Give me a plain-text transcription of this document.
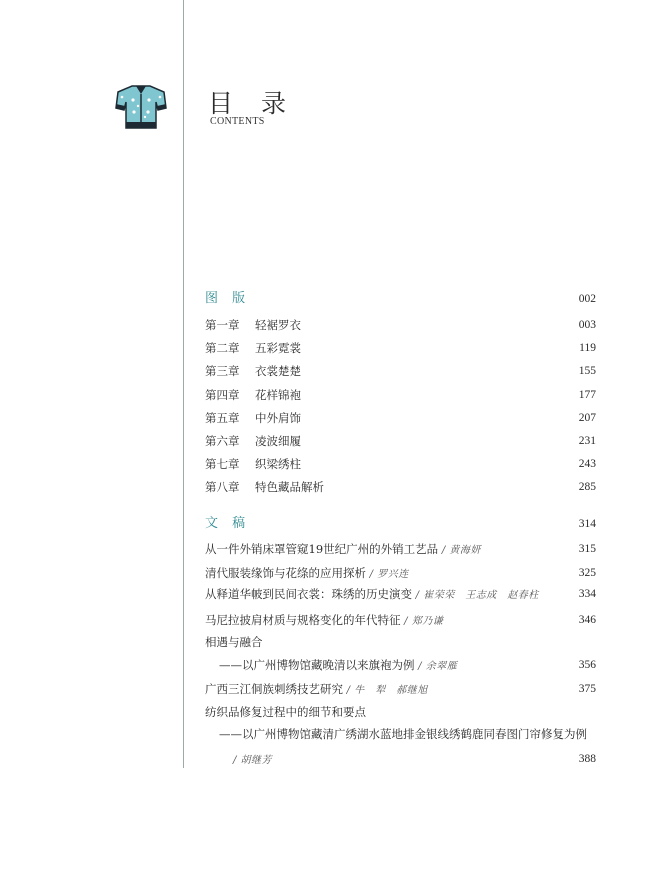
目 录
CONTENTS
图 版	002
第一章 轻裾罗衣	003
第二章 五彩霓裳	119
第三章 衣裳楚楚	155
第四章 花样锦袍	177
第五章 中外肩饰	207
第六章 凌波细履	231
第七章 织梁绣柱	243
第八章 特色藏品解析	285
文 稿	314
从一件外销床罩管窥19世纪广州的外销工艺品 / 黄海妍	315
清代服装缘饰与花绦的应用探析 / 罗兴连	325
从释道华帔到民间衣裳：珠绣的历史演变 / 崔荣荣　王志成　赵春柱	334
马尼拉披肩材质与规格变化的年代特征 / 郑乃谦	346
相遇与融合
——以广州博物馆藏晚清以来旗袍为例 / 余翠雁	356
广西三江侗族刺绣技艺研究 / 牛　犁　郝继旭	375
纺织品修复过程中的细节和要点
——以广州博物馆藏清广绣湖水蓝地排金银线绣鹤鹿同春图门帘修复为例
/ 胡继芳	388
